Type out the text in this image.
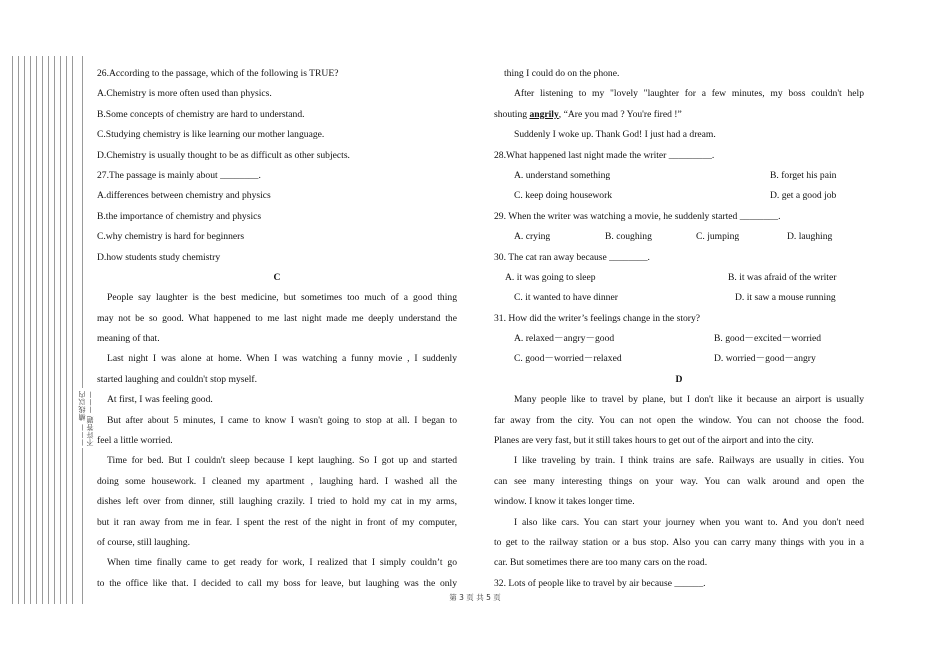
——— 横线以内不许答题 ———
26.According to the passage, which of the following is TRUE?
A.Chemistry is more often used than physics.
B.Some concepts of chemistry are hard to understand.
C.Studying chemistry is like learning our mother language.
D.Chemistry is usually thought to be as difficult as other subjects.
27.The passage is mainly about ________.
A.differences between chemistry and physics
B.the importance of chemistry and physics
C.why chemistry is hard for beginners
D.how students study chemistry
C
People say laughter is the best medicine, but sometimes too much of a good thing
may not be so good. What happened to me last night made me deeply understand the
meaning of that.
Last night I was alone at home. When I was watching a funny movie , I suddenly
started laughing and couldn't stop myself.
At first, I was feeling good.
But after about 5 minutes, I came to know I wasn't going to stop at all. I began to
feel a little worried.
Time for bed. But I couldn't sleep because I kept laughing. So I got up and started
doing some housework. I cleaned my apartment , laughing hard. I washed all the
dishes left over from dinner, still laughing crazily. I tried to hold my cat in my arms,
but it ran away from me in fear. I spent the rest of the night in front of my computer,
of course, still laughing.
When time finally came to get ready for work, I realized that I simply couldn’t go
to the office like that. I decided to call my boss for leave, but laughing was the only
thing I could do on the phone.
After listening to my "lovely "laughter for a few minutes, my boss couldn't help
shouting angrily, “Are you mad ? You're fired !”
Suddenly I woke up. Thank God! I just had a dream.
28.What happened last night made the writer _________.
A. understand something	B. forget his pain
C. keep doing housework	D. get a good job
29. When the writer was watching a movie, he suddenly started ________.
A. crying	B. coughing	C. jumping	D. laughing
30. The cat ran away because ________.
A. it was going to sleep	B. it was afraid of the writer
C. it wanted to have dinner	D. it saw a mouse running
31. How did the writer’s feelings change in the story?
A. relaxed－angry－good	B. good－excited－worried
C. good－worried－relaxed	D. worried－good－angry
D
Many people like to travel by plane, but I don't like it because an airport is usually
far away from the city. You can not open the window. You can not choose the food.
Planes are very fast, but it still takes hours to get out of the airport and into the city.
I like traveling by train. I think trains are safe. Railways are usually in cities. You
can see many interesting things on your way. You can walk around and open the
window. I know it takes longer time.
I also like cars. You can start your journey when you want to. And you don't need
to get to the railway station or a bus stop. Also you can carry many things with you in a
car. But sometimes there are too many cars on the road.
32. Lots of people like to travel by air because ______.
第 3 页 共 5 页
